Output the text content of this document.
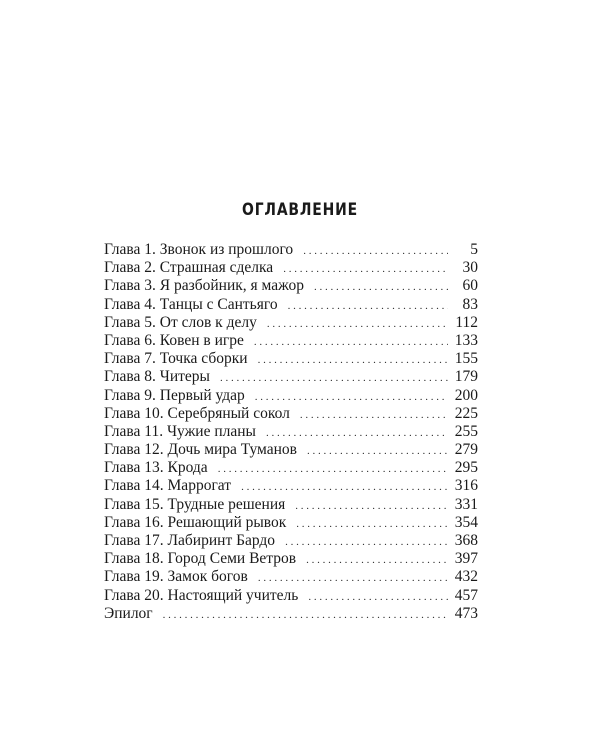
ОГЛАВЛЕНИЕ
Глава 1. Звонок из прошлого . . .	5
Глава 2. Страшная сделка . . .	30
Глава 3. Я разбойник, я мажор . . .	60
Глава 4. Танцы с Сантьяго . . .	83
Глава 5. От слов к делу . . .	112
Глава 6. Ковен в игре . . .	133
Глава 7. Точка сборки . . .	155
Глава 8. Читеры . . .	179
Глава 9. Первый удар . . .	200
Глава 10. Серебряный сокол . . .	225
Глава 11. Чужие планы . . .	255
Глава 12. Дочь мира Туманов . . .	279
Глава 13. Крода . . .	295
Глава 14. Маррогат . . .	316
Глава 15. Трудные решения . . .	331
Глава 16. Решающий рывок . . .	354
Глава 17. Лабиринт Бардо . . .	368
Глава 18. Город Семи Ветров . . .	397
Глава 19. Замок богов . . .	432
Глава 20. Настоящий учитель . . .	457
Эпилог . . .	473
